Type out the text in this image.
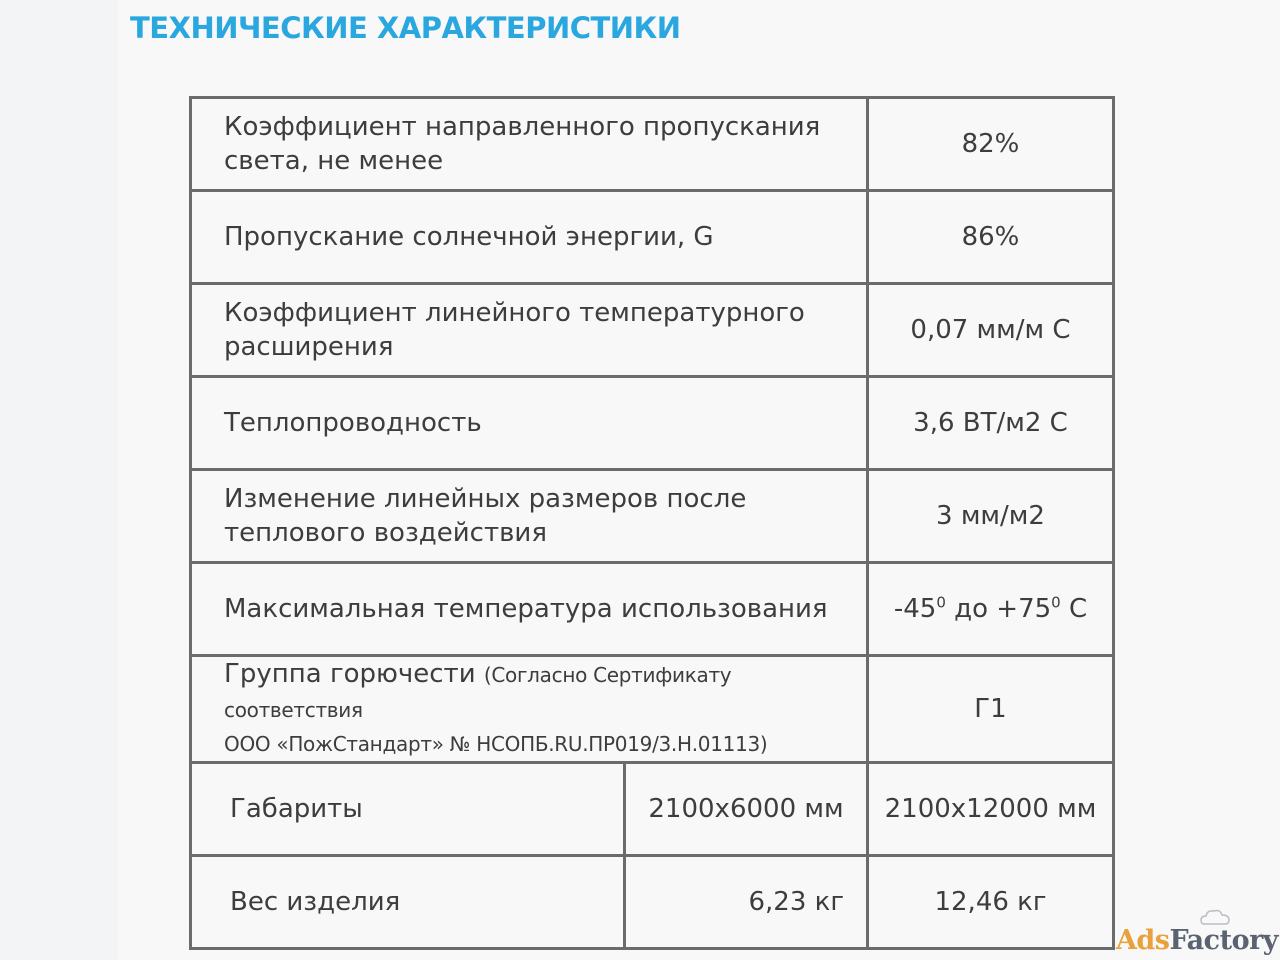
ТЕХНИЧЕСКИЕ ХАРАКТЕРИСТИКИ
Коэффициент направленного пропускания света, не менее		82%
Пропускание солнечной энергии, G		86%
Коэффициент линейного температурного расширения		0,07 мм/м С
Теплопроводность		3,6 ВТ/м2 С
Изменение линейных размеров после теплового воздействия		3 мм/м2
Максимальная температура использования		$-45^0$ до $+75^0$ С
Группа горючести (Согласно Сертификату соответствия
ООО «ПожСтандарт» № НСОПБ.RU.ПР019/3.Н.01113)		Г1
Габариты	2100x6000 мм	2100x12000 мм
Вес изделия	6,23 кг	12,46 кг
AdsFactory
